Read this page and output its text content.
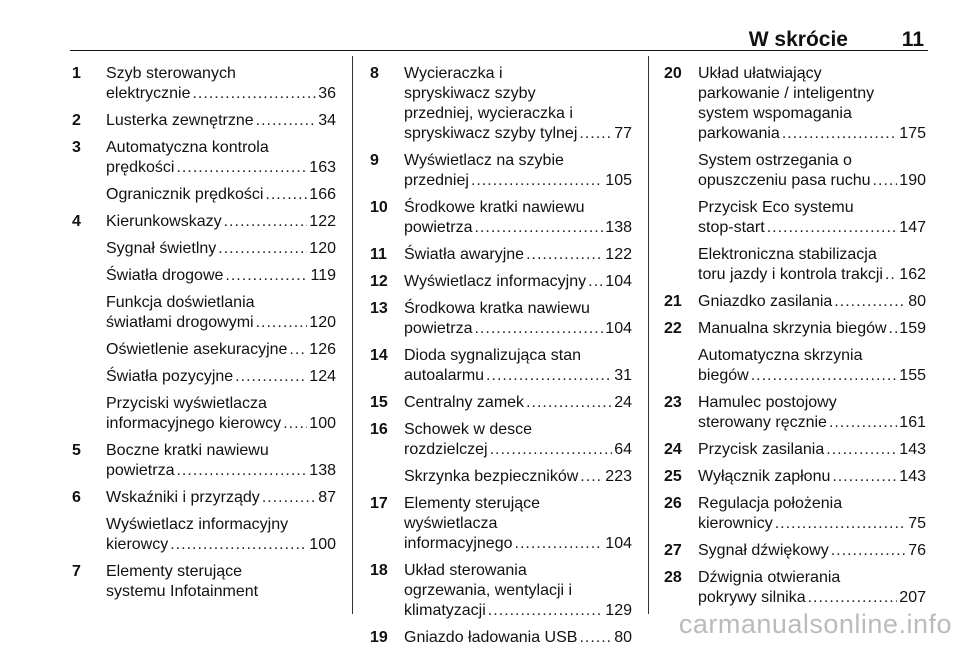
W skrócie	11
1 Szyb sterowanych
elektrycznie .....	36
2 Lusterka zewnętrzne .....	34
3 Automatyczna kontrola
prędkości .....	163
Ogranicznik prędkości .....	166
4 Kierunkowskazy .....	122
Sygnał świetlny .....	120
Światła drogowe .....	119
Funkcja doświetlania
światłami drogowymi .....	120
Oświetlenie asekuracyjne ..... 126
Światła pozycyjne .....	124
Przyciski wyświetlacza
informacyjnego kierowcy ..... 100
5 Boczne kratki nawiewu
powietrza .....	138
6 Wskaźniki i przyrządy .....	87
Wyświetlacz informacyjny
kierowcy .....	100
7 Elementy sterujące
systemu Infotainment
8 Wycieraczka i
spryskiwacz szyby
przedniej, wycieraczka i
spryskiwacz szyby tylnej ..... 77
9 Wyświetlacz na szybie
przedniej .....	105
10 Środkowe kratki nawiewu
powietrza .....	138
11 Światła awaryjne .....	122
12 Wyświetlacz informacyjny ..... 104
13 Środkowa kratka nawiewu
powietrza .....	104
14 Dioda sygnalizująca stan
autoalarmu .....	31
15 Centralny zamek .....	24
16 Schowek w desce
rozdzielczej .....	64
Skrzynka bezpieczników ..... 223
17 Elementy sterujące
wyświetlacza
informacyjnego .....	104
18 Układ sterowania
ogrzewania, wentylacji i
klimatyzacji .....	129
19 Gniazdo ładowania USB ..... 80
20 Układ ułatwiający
parkowanie / inteligentny
system wspomagania
parkowania .....	175
System ostrzegania o
opuszczeniu pasa ruchu ..... 190
Przycisk Eco systemu
stop-start .....	147
Elektroniczna stabilizacja
toru jazdy i kontrola trakcji ..... 162
21 Gniazdko zasilania .....	80
22 Manualna skrzynia biegów ..... 159
Automatyczna skrzynia
biegów .....	155
23 Hamulec postojowy
sterowany ręcznie .....	161
24 Przycisk zasilania .....	143
25 Wyłącznik zapłonu .....	143
26 Regulacja położenia
kierownicy .....	75
27 Sygnał dźwiękowy .....	76
28 Dźwignia otwierania
pokrywy silnika .....	207
carmanualsonline.info
